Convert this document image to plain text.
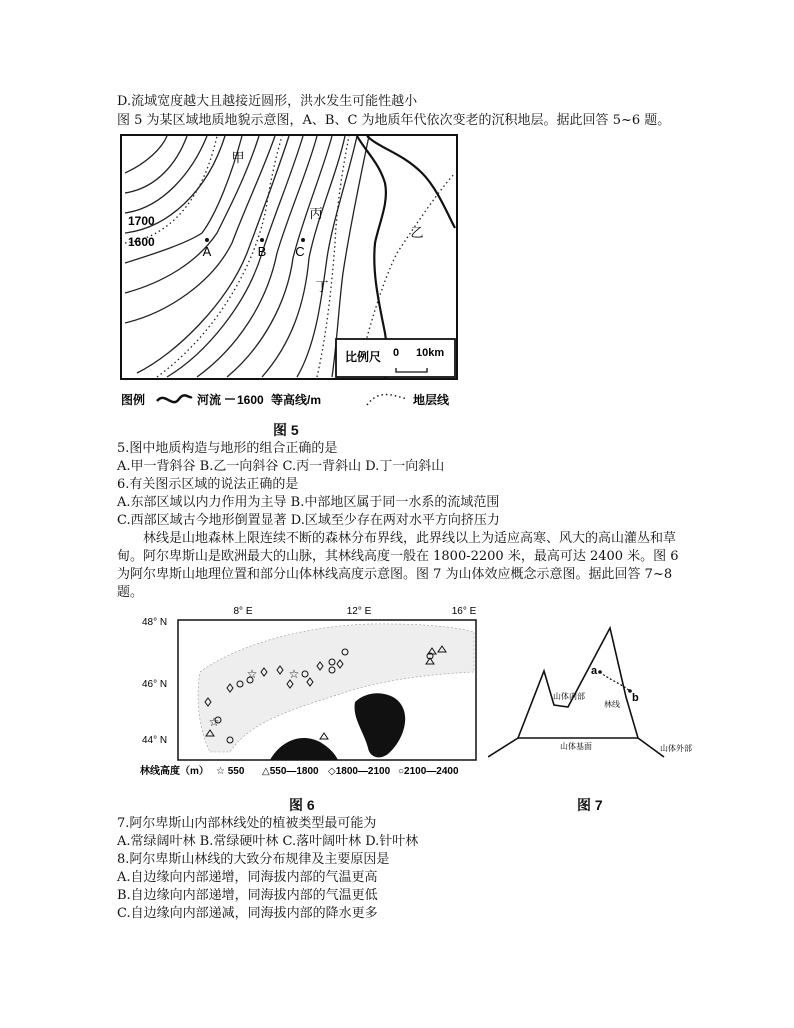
D.流域宽度越大且越接近圆形，洪水发生可能性越小
图 5 为某区域地质地貌示意图，A、B、C 为地质年代依次变老的沉积地层。据此回答 5~6 题。
甲
丙
乙
丁
A	B C
1700
1600
比例尺 0 10km
图例	河流 1600 等高线/m	地层线
图 5
5.图中地质构造与地形的组合正确的是
A.甲一背斜谷 B.乙一向斜谷 C.丙一背斜山 D.丁一向斜山
6.有关图示区域的说法正确的是
A.东部区域以内力作用为主导 B.中部地区属于同一水系的流域范围
C.西部区域古今地形倒置显著 D.区域至少存在两对水平方向挤压力
林线是山地森林上限连续不断的森林分布界线，此界线以上为适应高寒、风大的高山灌丛和草甸。阿尔卑斯山是欧洲最大的山脉，其林线高度一般在 1800-2200 米，最高可达 2400 米。图 6 为阿尔卑斯山地理位置和部分山体林线高度示意图。图 7 为山体效应概念示意图。据此回答 7~8 题。
8° E	12° E	16° E
48° N
46° N
44° N
☆	☆
☆
林线高度（m） ☆ 550 △550—1800 ◇1800—2100 ○2100—2400
a
b
山体内部
林线
山体基面	山体外部
图 6	图 7
7.阿尔卑斯山内部林线处的植被类型最可能为
A.常绿阔叶林 B.常绿硬叶林 C.落叶阔叶林 D.针叶林
8.阿尔卑斯山林线的大致分布规律及主要原因是
A.自边缘向内部递增，同海拔内部的气温更高
B.自边缘向内部递增，同海拔内部的气温更低
C.自边缘向内部递减，同海拔内部的降水更多
